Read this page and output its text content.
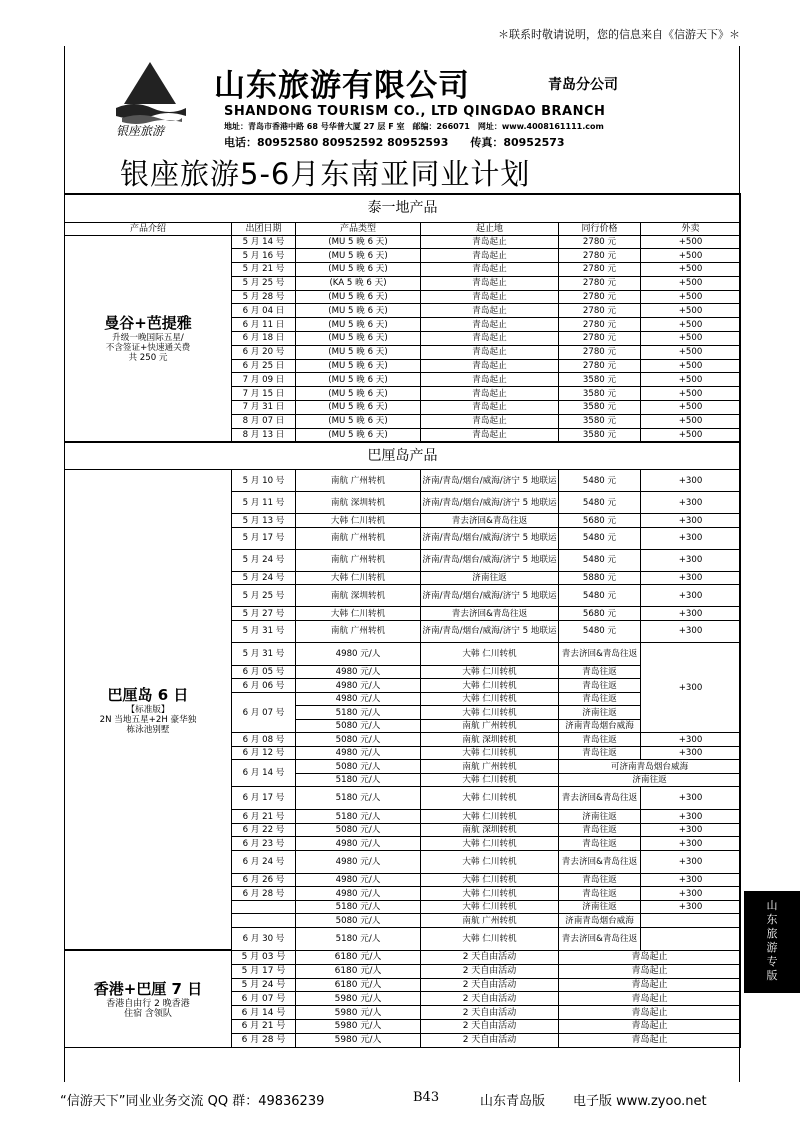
＊联系时敬请说明，您的信息来自《信游天下》＊
银座旅游
山东旅游有限公司	青岛分公司
SHANDONG TOURISM CO., LTD QINGDAO BRANCH
地址：青岛市香港中路 68 号华普大厦 27 层 F 室　邮编：266071　网址：www.4008161111.com
电话：80952580 80952592 80952593　　传真：80952573
银座旅游5-6月东南亚同业计划
泰一地产品					
产品介绍	出团日期	产品类型	起止地	同行价格	外卖

曼谷+芭提雅
升级一晚国际五星/
不含签证+快速通关费
共 250 元	5 月 14 号	(MU 5 晚 6 天)	青岛起止	2780 元	+500
	5 月 16 号	(MU 5 晚 6 天)	青岛起止	2780 元	+500
	5 月 21 号	(MU 5 晚 6 天)	青岛起止	2780 元	+500
	5 月 25 号	(KA 5 晚 6 天)	青岛起止	2780 元	+500
	5 月 28 号	(MU 5 晚 6 天)	青岛起止	2780 元	+500
	6 月 04 日	(MU 5 晚 6 天)	青岛起止	2780 元	+500
	6 月 11 日	(MU 5 晚 6 天)	青岛起止	2780 元	+500
	6 月 18 日	(MU 5 晚 6 天)	青岛起止	2780 元	+500
	6 月 20 号	(MU 5 晚 6 天)	青岛起止	2780 元	+500
	6 月 25 日	(MU 5 晚 6 天)	青岛起止	2780 元	+500
	7 月 09 日	(MU 5 晚 6 天)	青岛起止	3580 元	+500
	7 月 15 日	(MU 5 晚 6 天)	青岛起止	3580 元	+500
	7 月 31 日	(MU 5 晚 6 天)	青岛起止	3580 元	+500
	8 月 07 日	(MU 5 晚 6 天)	青岛起止	3580 元	+500
	8 月 13 日	(MU 5 晚 6 天)	青岛起止	3580 元	+500
巴厘岛产品					

巴厘岛 6 日
【标准版】
2N 当地五星+2H 豪华独
栋泳池别墅	5 月 10 号	南航 广州转机	济南/青岛/烟台/威海/济宁 5 地联运	5480 元	+300
	5 月 11 号	南航 深圳转机	济南/青岛/烟台/威海/济宁 5 地联运	5480 元	+300
	5 月 13 号	大韩 仁川转机	青去济回&青岛往返	5680 元	+300
	5 月 17 号	南航 广州转机	济南/青岛/烟台/威海/济宁 5 地联运	5480 元	+300
	5 月 24 号	南航 广州转机	济南/青岛/烟台/威海/济宁 5 地联运	5480 元	+300
	5 月 24 号	大韩 仁川转机	济南往返	5880 元	+300
	5 月 25 号	南航 深圳转机	济南/青岛/烟台/威海/济宁 5 地联运	5480 元	+300
	5 月 27 号	大韩 仁川转机	青去济回&青岛往返	5680 元	+300
	5 月 31 号	南航 广州转机	济南/青岛/烟台/威海/济宁 5 地联运	5480 元	+300
	5 月 31 号	4980 元/人	大韩 仁川转机	青去济回&青岛往返	+300
	6 月 05 号	4980 元/人	大韩 仁川转机	青岛往返	
	6 月 06 号	4980 元/人	大韩 仁川转机	青岛往返	
	6 月 07 号	4980 元/人	大韩 仁川转机	青岛往返	
		5180 元/人	大韩 仁川转机	济南往返	
		5080 元/人	南航 广州转机	济南青岛烟台威海	
	6 月 08 号	5080 元/人	南航 深圳转机	青岛往返	+300
	6 月 12 号	4980 元/人	大韩 仁川转机	青岛往返	+300
	6 月 14 号	5080 元/人	南航 广州转机	可济南青岛烟台威海	
		5180 元/人	大韩 仁川转机	济南往返	
	6 月 17 号	5180 元/人	大韩 仁川转机	青去济回&青岛往返	+300
	6 月 21 号	5180 元/人	大韩 仁川转机	济南往返	+300
	6 月 22 号	5080 元/人	南航 深圳转机	青岛往返	+300
	6 月 23 号	4980 元/人	大韩 仁川转机	青岛往返	+300
	6 月 24 号	4980 元/人	大韩 仁川转机	青去济回&青岛往返	+300
	6 月 26 号	4980 元/人	大韩 仁川转机	青岛往返	+300
	6 月 28 号	4980 元/人	大韩 仁川转机	青岛往返	+300
		5180 元/人	大韩 仁川转机	济南往返	+300
		5080 元/人	南航 广州转机	济南青岛烟台威海	
	6 月 30 号	5180 元/人	大韩 仁川转机	青去济回&青岛往返	

香港+巴厘 7 日
香港自由行 2 晚香港
住宿 含领队	5 月 03 号	6180 元/人	2 天自由活动	青岛起止	
	5 月 17 号	6180 元/人	2 天自由活动	青岛起止	
	5 月 24 号	6180 元/人	2 天自由活动	青岛起止	
	6 月 07 号	5980 元/人	2 天自由活动	青岛起止	
	6 月 14 号	5980 元/人	2 天自由活动	青岛起止	
	6 月 21 号	5980 元/人	2 天自由活动	青岛起止	
	6 月 28 号	5980 元/人	2 天自由活动	青岛起止	
“信游天下”同业业务交流 QQ 群：49836239	B43	山东青岛版 电子版 www.zyoo.net
山
东
旅
游
专
版
